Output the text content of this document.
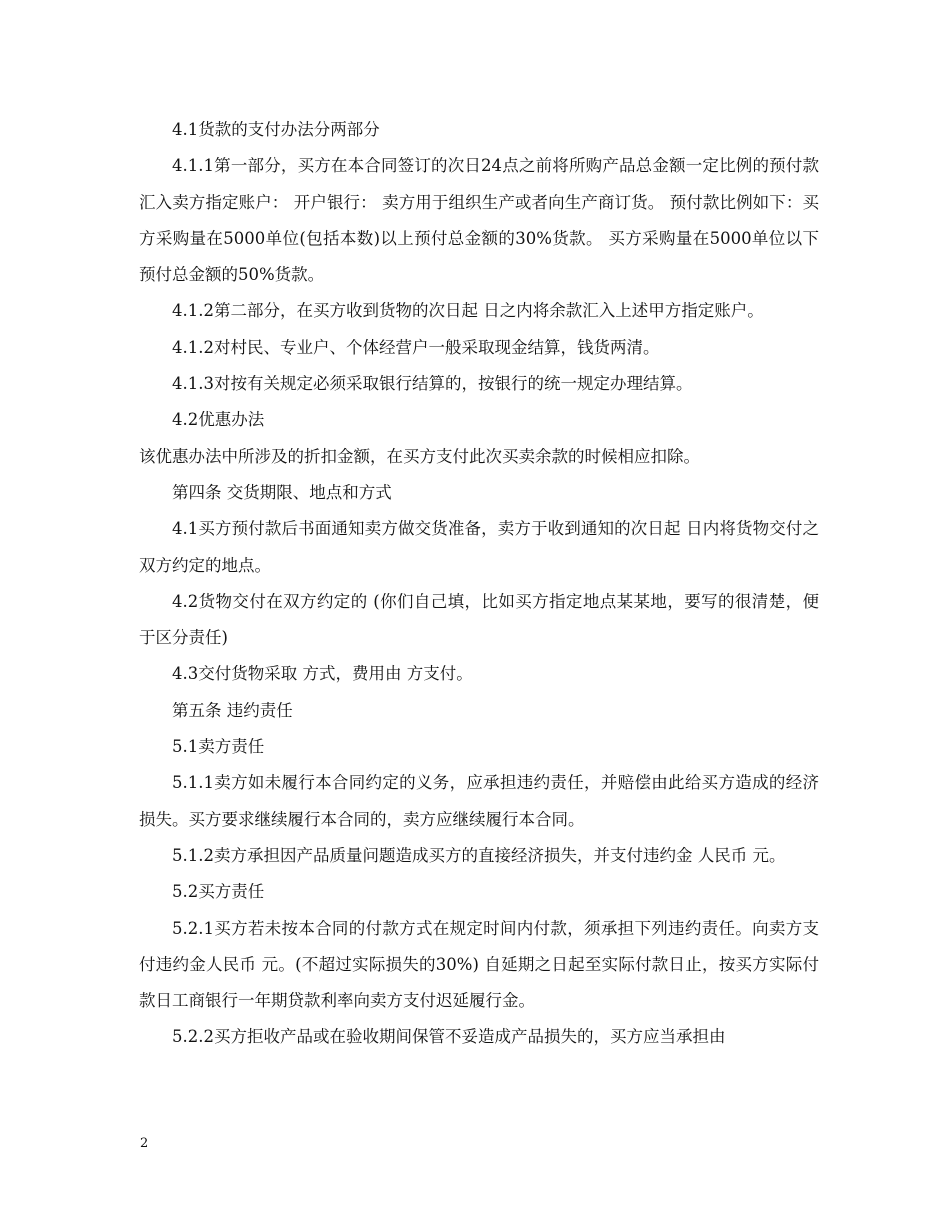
4.1货款的支付办法分两部分

4.1.1第一部分，买方在本合同签订的次日24点之前将所购产品总金额一定比例的预付款汇入卖方指定账户： 开户银行： 卖方用于组织生产或者向生产商订货。 预付款比例如下：买方采购量在5000单位(包括本数)以上预付总金额的30%货款。 买方采购量在5000单位以下预付总金额的50%货款。

4.1.2第二部分，在买方收到货物的次日起 日之内将余款汇入上述甲方指定账户。

4.1.2对村民、专业户、个体经营户一般采取现金结算，钱货两清。

4.1.3对按有关规定必须采取银行结算的，按银行的统一规定办理结算。

4.2优惠办法

该优惠办法中所涉及的折扣金额，在买方支付此次买卖余款的时候相应扣除。

第四条 交货期限、地点和方式

4.1买方预付款后书面通知卖方做交货准备，卖方于收到通知的次日起 日内将货物交付之双方约定的地点。

4.2货物交付在双方约定的 (你们自己填，比如买方指定地点某某地，要写的很清楚，便于区分责任)

4.3交付货物采取 方式，费用由 方支付。

第五条 违约责任

5.1卖方责任

5.1.1卖方如未履行本合同约定的义务，应承担违约责任，并赔偿由此给买方造成的经济损失。买方要求继续履行本合同的，卖方应继续履行本合同。

5.1.2卖方承担因产品质量问题造成买方的直接经济损失，并支付违约金 人民币 元。

5.2买方责任

5.2.1买方若未按本合同的付款方式在规定时间内付款，须承担下列违约责任。向卖方支付违约金人民币 元。(不超过实际损失的30%) 自延期之日起至实际付款日止，按买方实际付款日工商银行一年期贷款利率向卖方支付迟延履行金。

5.2.2买方拒收产品或在验收期间保管不妥造成产品损失的，买方应当承担由

2
